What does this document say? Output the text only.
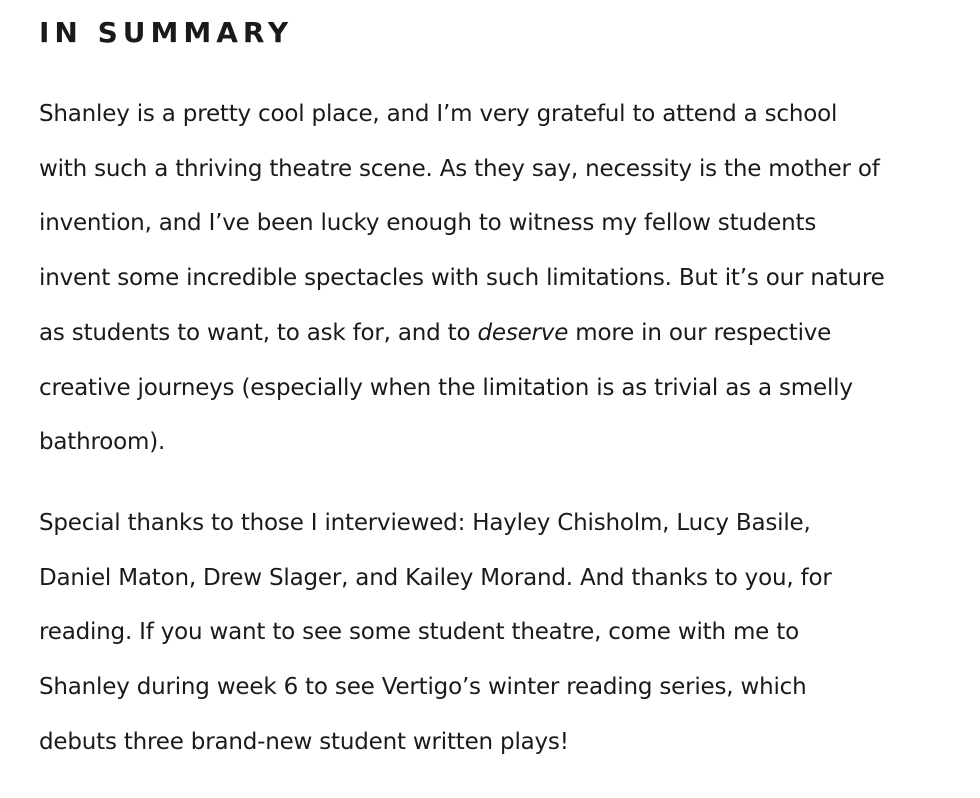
IN SUMMARY

Shanley is a pretty cool place, and I’m very grateful to attend a school
with such a thriving theatre scene. As they say, necessity is the mother of
invention, and I’ve been lucky enough to witness my fellow students
invent some incredible spectacles with such limitations. But it’s our nature
as students to want, to ask for, and to deserve more in our respective
creative journeys (especially when the limitation is as trivial as a smelly
bathroom).

Special thanks to those I interviewed: Hayley Chisholm, Lucy Basile,
Daniel Maton, Drew Slager, and Kailey Morand. And thanks to you, for
reading. If you want to see some student theatre, come with me to
Shanley during week 6 to see Vertigo’s winter reading series, which
debuts three brand-new student written plays!
